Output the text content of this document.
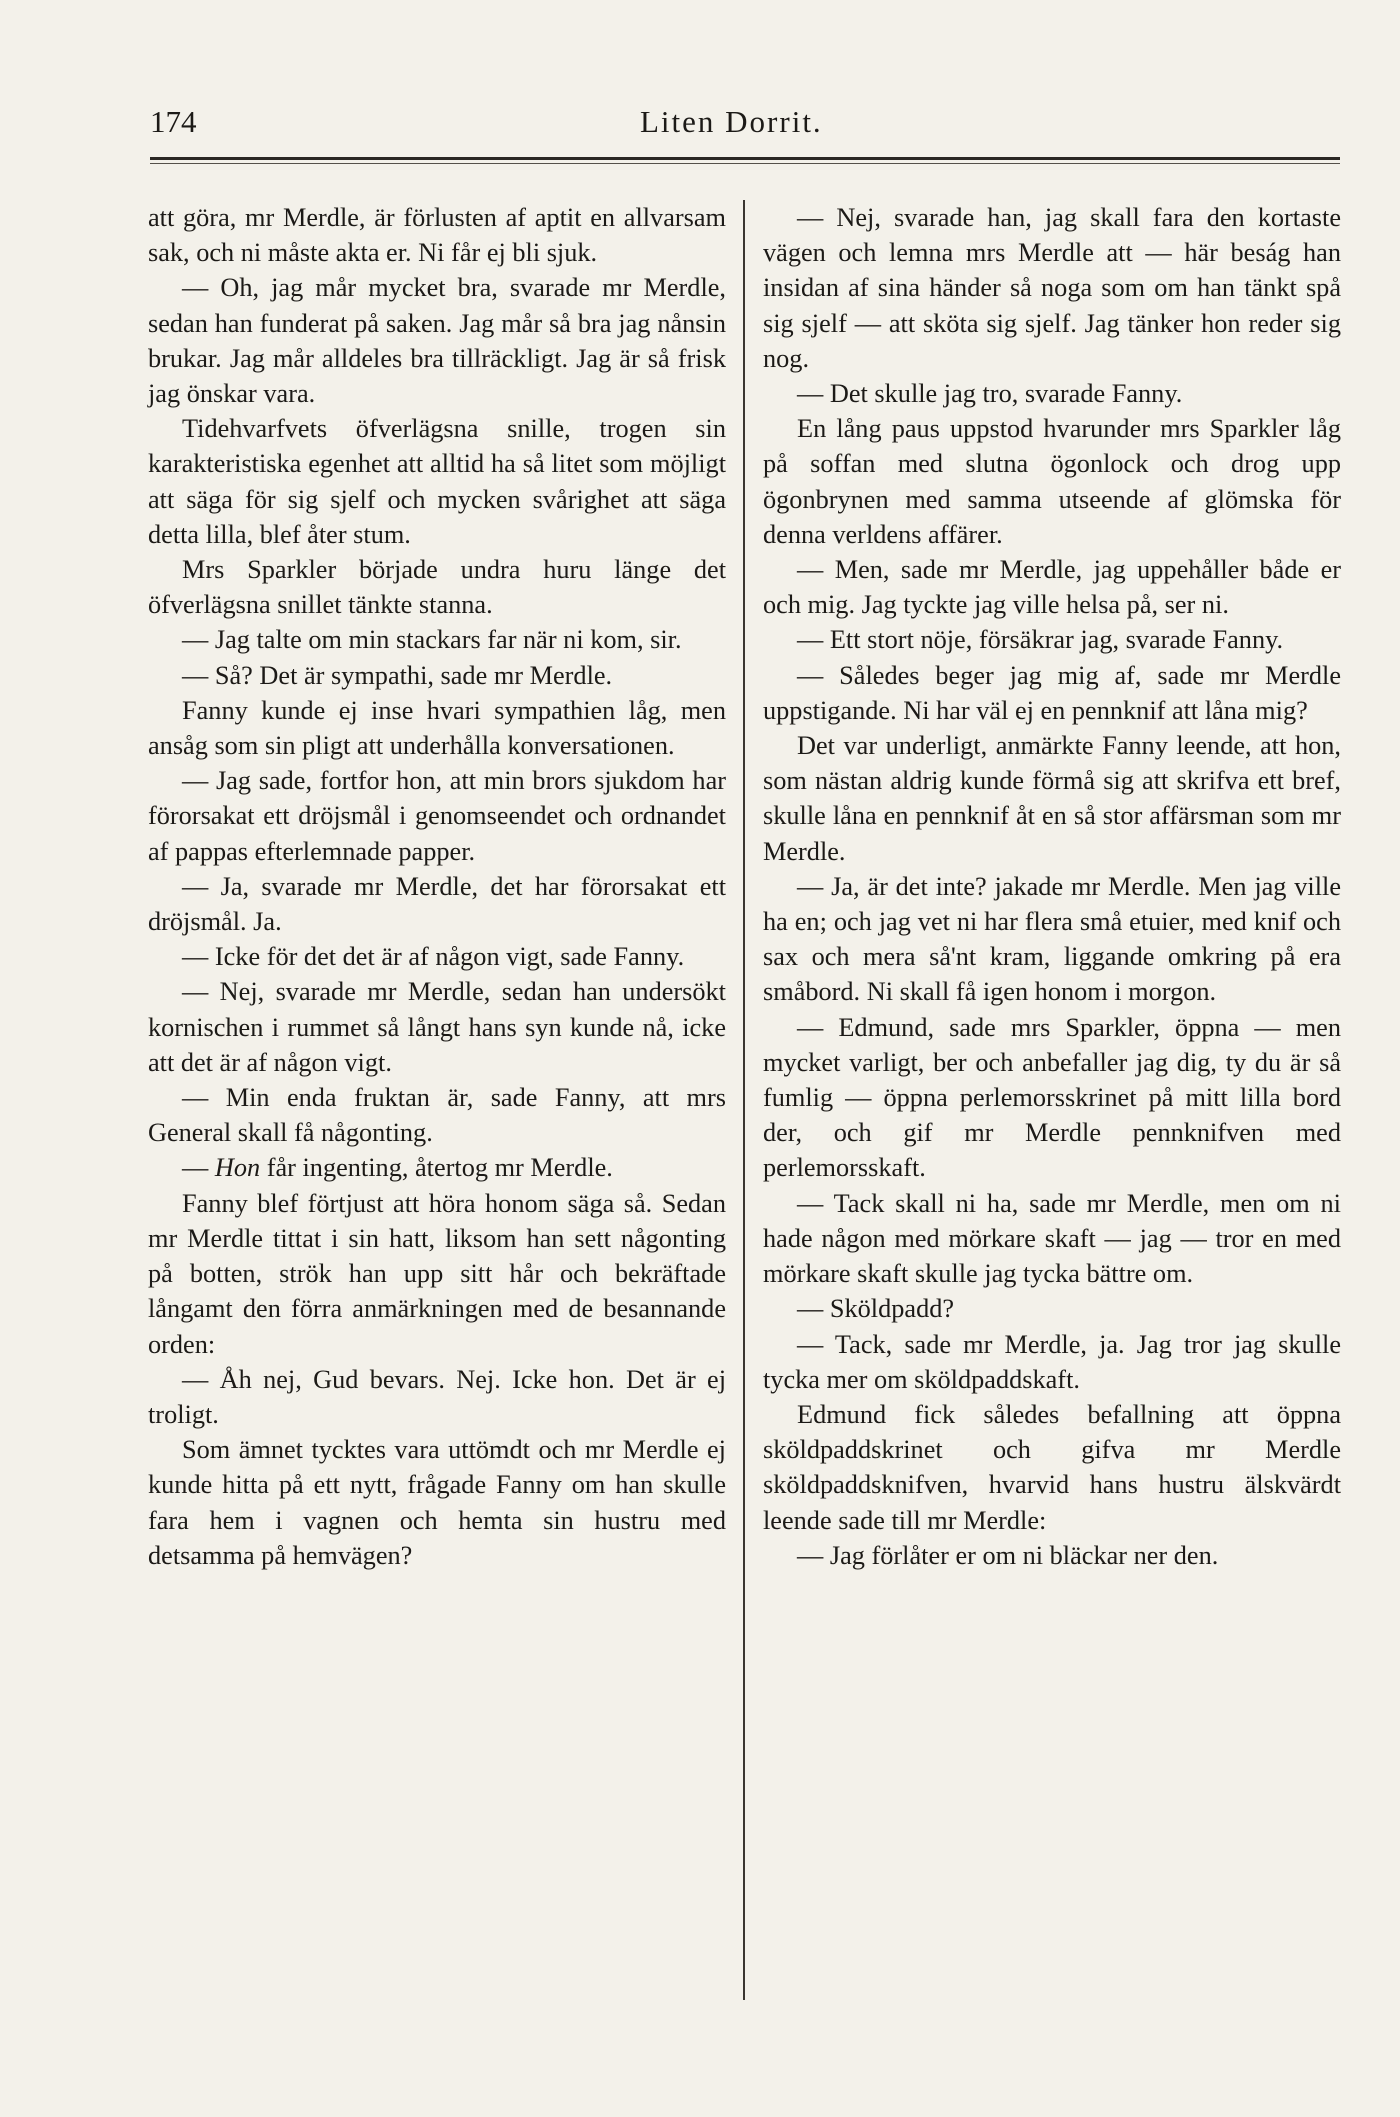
174	Liten Dorrit.

att göra, mr Merdle, är förlusten af aptit en allvarsam sak, och ni måste akta er. Ni får ej bli sjuk.

— Oh, jag mår mycket bra, svarade mr Merdle, sedan han funderat på saken. Jag mår så bra jag nånsin brukar. Jag mår alldeles bra tillräckligt. Jag är så frisk jag önskar vara.

Tidehvarfvets öfverlägsna snille, trogen sin karakteristiska egenhet att alltid ha så litet som möjligt att säga för sig sjelf och mycken svårighet att säga detta lilla, blef åter stum.

Mrs Sparkler började undra huru länge det öfverlägsna snillet tänkte stanna.

— Jag talte om min stackars far när ni kom, sir.

— Så? Det är sympathi, sade mr Merdle.

Fanny kunde ej inse hvari sympathien låg, men ansåg som sin pligt att underhålla konversationen.

— Jag sade, fortfor hon, att min brors sjukdom har förorsakat ett dröjsmål i genomseendet och ordnandet af pappas efterlemnade papper.

— Ja, svarade mr Merdle, det har förorsakat ett dröjsmål. Ja.

— Icke för det det är af någon vigt, sade Fanny.

— Nej, svarade mr Merdle, sedan han undersökt kornischen i rummet så långt hans syn kunde nå, icke att det är af någon vigt.

— Min enda fruktan är, sade Fanny, att mrs General skall få någonting.

— Hon får ingenting, återtog mr Merdle.

Fanny blef förtjust att höra honom säga så. Sedan mr Merdle tittat i sin hatt, liksom han sett någonting på botten, strök han upp sitt hår och bekräftade långamt den förra anmärkningen med de besannande orden:

— Åh nej, Gud bevars. Nej. Icke hon. Det är ej troligt.

Som ämnet tycktes vara uttömdt och mr Merdle ej kunde hitta på ett nytt, frågade Fanny om han skulle fara hem i vagnen och hemta sin hustru med detsamma på hemvägen?

— Nej, svarade han, jag skall fara den kortaste vägen och lemna mrs Merdle att — här beság han insidan af sina händer så noga som om han tänkt spå sig sjelf — att sköta sig sjelf. Jag tänker hon reder sig nog.

— Det skulle jag tro, svarade Fanny.

En lång paus uppstod hvarunder mrs Sparkler låg på soffan med slutna ögonlock och drog upp ögonbrynen med samma utseende af glömska för denna verldens affärer.

— Men, sade mr Merdle, jag uppehåller både er och mig. Jag tyckte jag ville helsa på, ser ni.

— Ett stort nöje, försäkrar jag, svarade Fanny.

— Således beger jag mig af, sade mr Merdle uppstigande. Ni har väl ej en pennknif att låna mig?

Det var underligt, anmärkte Fanny leende, att hon, som nästan aldrig kunde förmå sig att skrifva ett bref, skulle låna en pennknif åt en så stor affärsman som mr Merdle.

— Ja, är det inte? jakade mr Merdle. Men jag ville ha en; och jag vet ni har flera små etuier, med knif och sax och mera så'nt kram, liggande omkring på era småbord. Ni skall få igen honom i morgon.

— Edmund, sade mrs Sparkler, öppna — men mycket varligt, ber och anbefaller jag dig, ty du är så fumlig — öppna perlemorsskrinet på mitt lilla bord der, och gif mr Merdle pennknifven med perlemorsskaft.

— Tack skall ni ha, sade mr Merdle, men om ni hade någon med mörkare skaft — jag — tror en med mörkare skaft skulle jag tycka bättre om.

— Sköldpadd?

— Tack, sade mr Merdle, ja. Jag tror jag skulle tycka mer om sköldpaddskaft.

Edmund fick således befallning att öppna sköldpaddskrinet och gifva mr Merdle sköldpaddsknifven, hvarvid hans hustru älskvärdt leende sade till mr Merdle:

— Jag förlåter er om ni bläckar ner den.
